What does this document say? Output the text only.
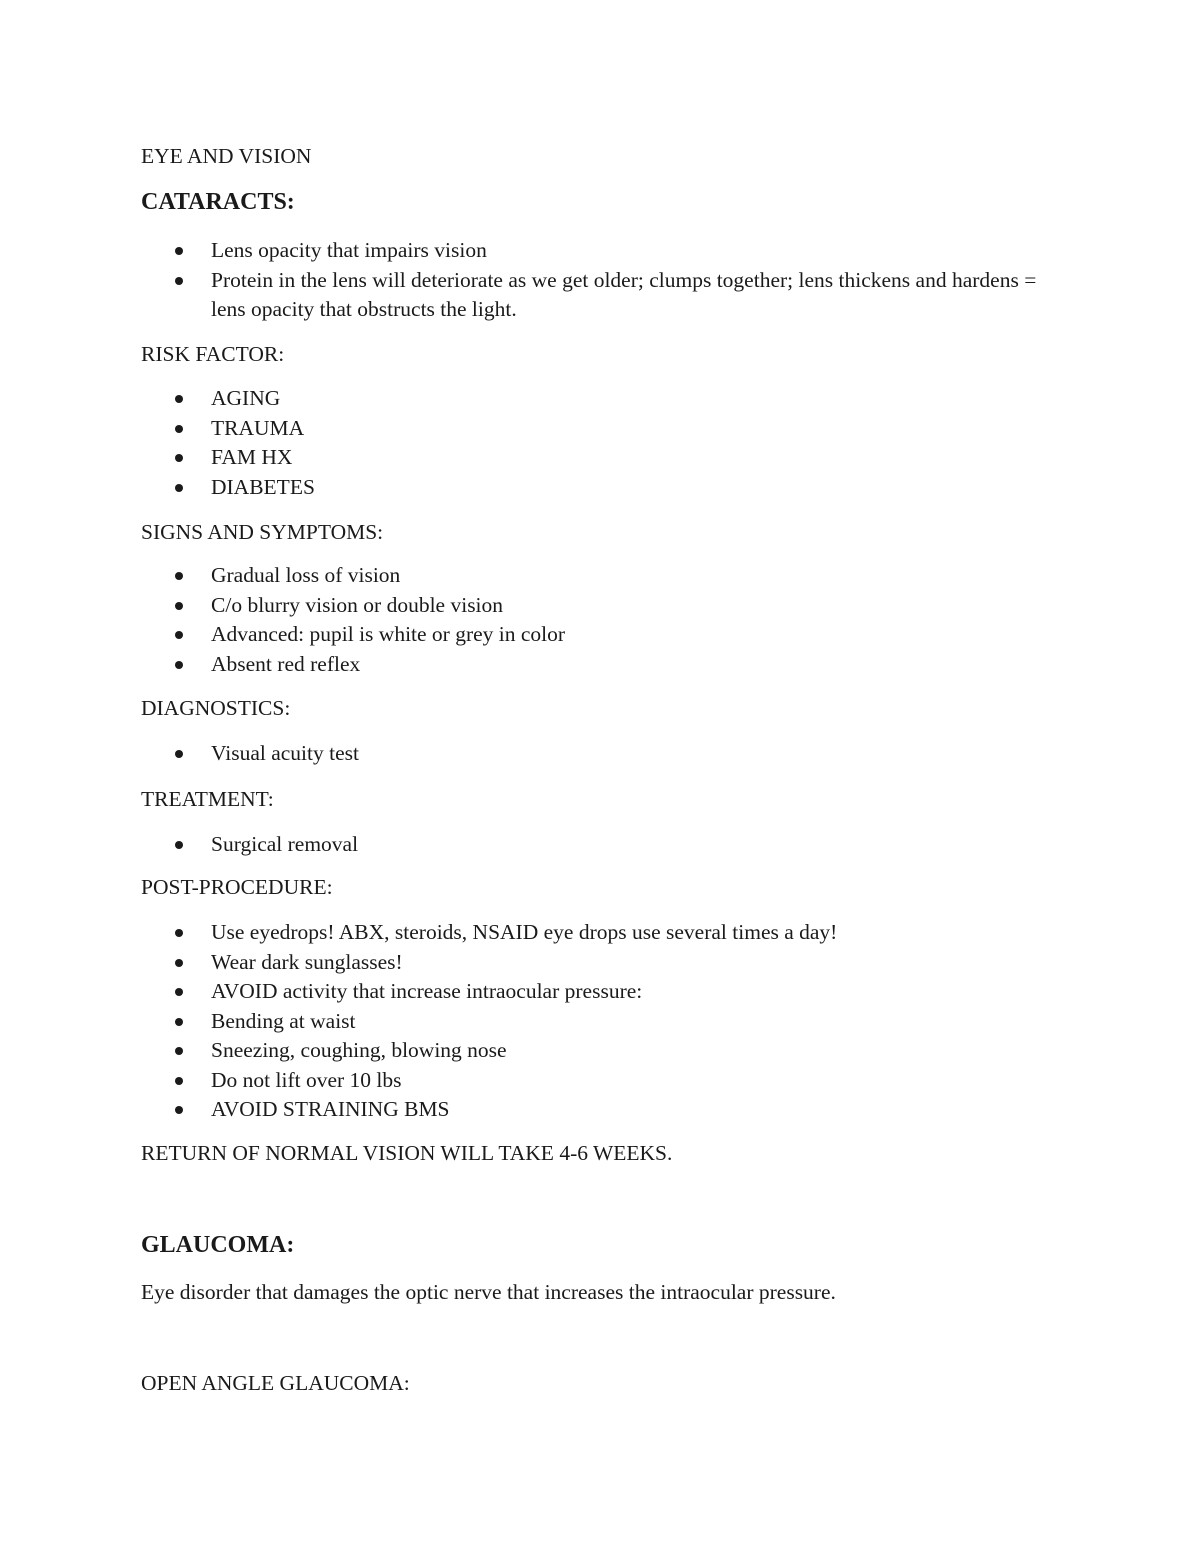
EYE AND VISION
CATARACTS:
Lens opacity that impairs vision
Protein in the lens will deteriorate as we get older; clumps together; lens thickens and hardens = lens opacity that obstructs the light.
RISK FACTOR:
AGING
TRAUMA
FAM HX
DIABETES
SIGNS AND SYMPTOMS:
Gradual loss of vision
C/o blurry vision or double vision
Advanced: pupil is white or grey in color
Absent red reflex
DIAGNOSTICS:
Visual acuity test
TREATMENT:
Surgical removal
POST-PROCEDURE:
Use eyedrops! ABX, steroids, NSAID eye drops use several times a day!
Wear dark sunglasses!
AVOID activity that increase intraocular pressure:
Bending at waist
Sneezing, coughing, blowing nose
Do not lift over 10 lbs
AVOID STRAINING BMS
RETURN OF NORMAL VISION WILL TAKE 4-6 WEEKS.
GLAUCOMA:
Eye disorder that damages the optic nerve that increases the intraocular pressure.
OPEN ANGLE GLAUCOMA:
